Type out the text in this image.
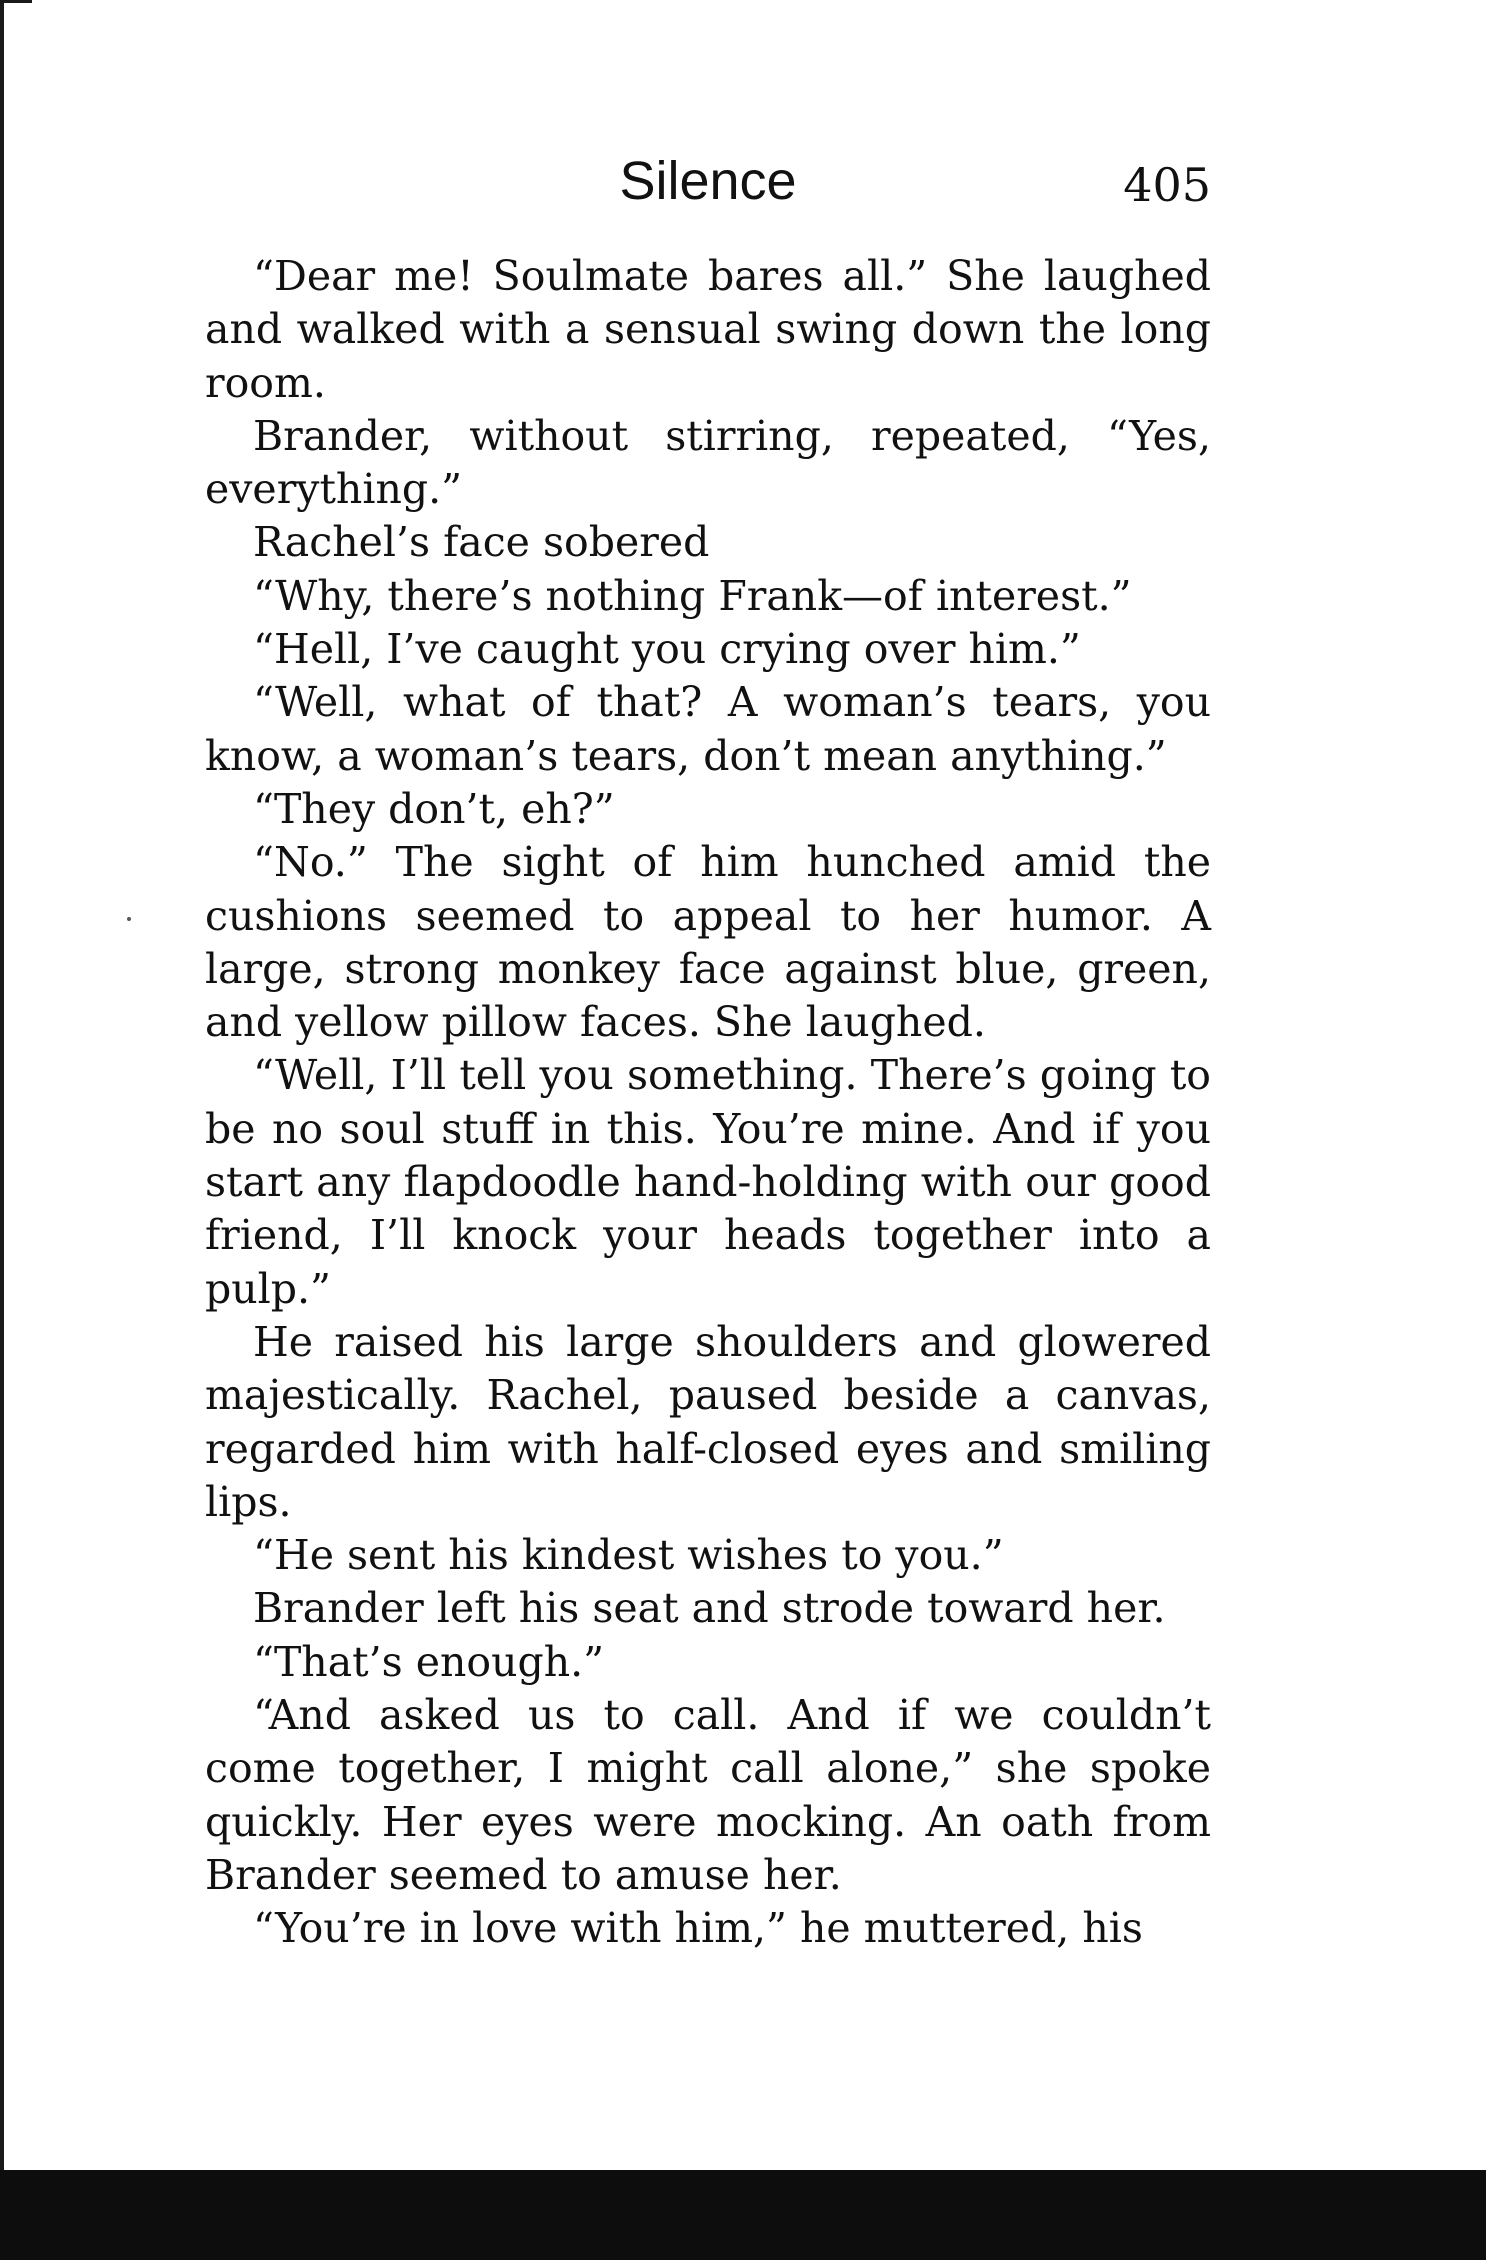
Silence	405

“Dear me! Soulmate bares all.” She laughed and walked with a sensual swing down the long room.

Brander, without stirring, repeated, “Yes, everything.”

Rachel’s face sobered

“Why, there’s nothing Frank—of interest.”

“Hell, I’ve caught you crying over him.”

“Well, what of that? A woman’s tears, you know, a woman’s tears, don’t mean anything.”

“They don’t, eh?”

“No.” The sight of him hunched amid the cushions seemed to appeal to her humor. A large, strong monkey face against blue, green, and yellow pillow faces. She laughed.

“Well, I’ll tell you something. There’s going to be no soul stuff in this. You’re mine. And if you start any flapdoodle hand-holding with our good friend, I’ll knock your heads together into a pulp.”

He raised his large shoulders and glowered majestically. Rachel, paused beside a canvas, regarded him with half-closed eyes and smiling lips.

“He sent his kindest wishes to you.”

Brander left his seat and strode toward her.

“That’s enough.”

“And asked us to call. And if we couldn’t come together, I might call alone,” she spoke quickly. Her eyes were mocking. An oath from Brander seemed to amuse her.

“You’re in love with him,” he muttered, his
